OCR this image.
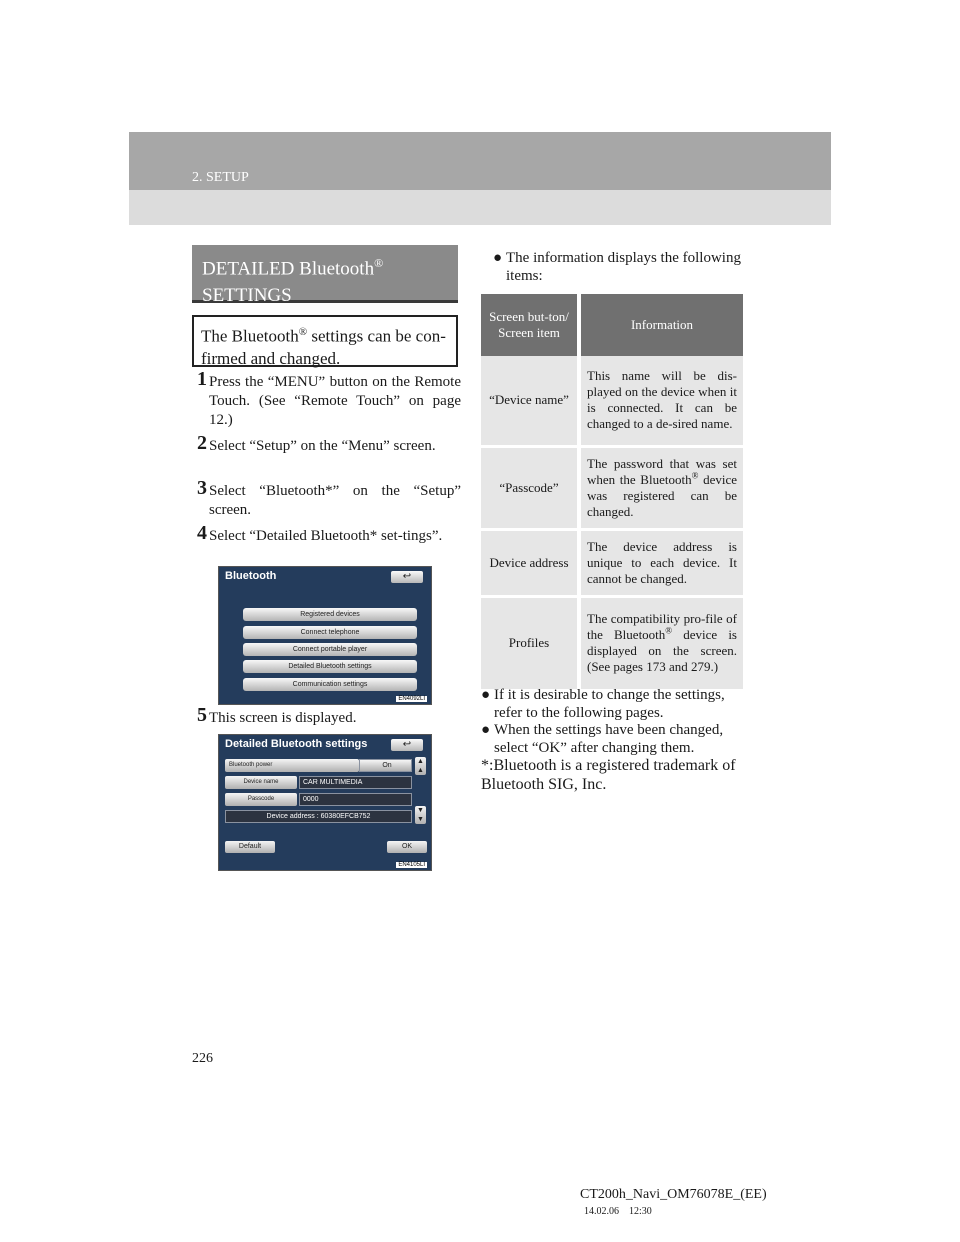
2. SETUP
DETAILED Bluetooth®
SETTINGS
The Bluetooth® settings can be con-firmed and changed.
1 Press the “MENU” button on the Remote Touch. (See “Remote Touch” on page 12.)
2 Select “Setup” on the “Menu” screen.
3 Select “Bluetooth*” on the “Setup” screen.
4 Select “Detailed Bluetooth* set-tings”.
Bluetooth	↩
Registered devices
Connect telephone
Connect portable player
Detailed Bluetooth settings
Communication settings
EN4092LI
5 This screen is displayed.
Detailed Bluetooth settings	↩
Bluetooth power	On
Device name	CAR MULTIMEDIA
Passcode	0000
Device address : 60380EFCB752
▲ ▲
▼ ▼
Default	OK
EN4105LI
● The information displays the following items:
Screen but-ton/ Screen item	Information
“Device name”	This name will be dis-played on the device when it is connected. It can be changed to a de-sired name.
“Passcode”	The password that was set when the Bluetooth® device was registered can be changed.
Device address	The device address is unique to each device. It cannot be changed.
Profiles	The compatibility pro-file of the Bluetooth® device is displayed on the screen. (See pages 173 and 279.)
● If it is desirable to change the settings, refer to the following pages.
● When the settings have been changed, select “OK” after changing them.
*:Bluetooth is a registered trademark of Bluetooth SIG, Inc.
226
CT200h_Navi_OM76078E_(EE)
14.02.06 12:30
